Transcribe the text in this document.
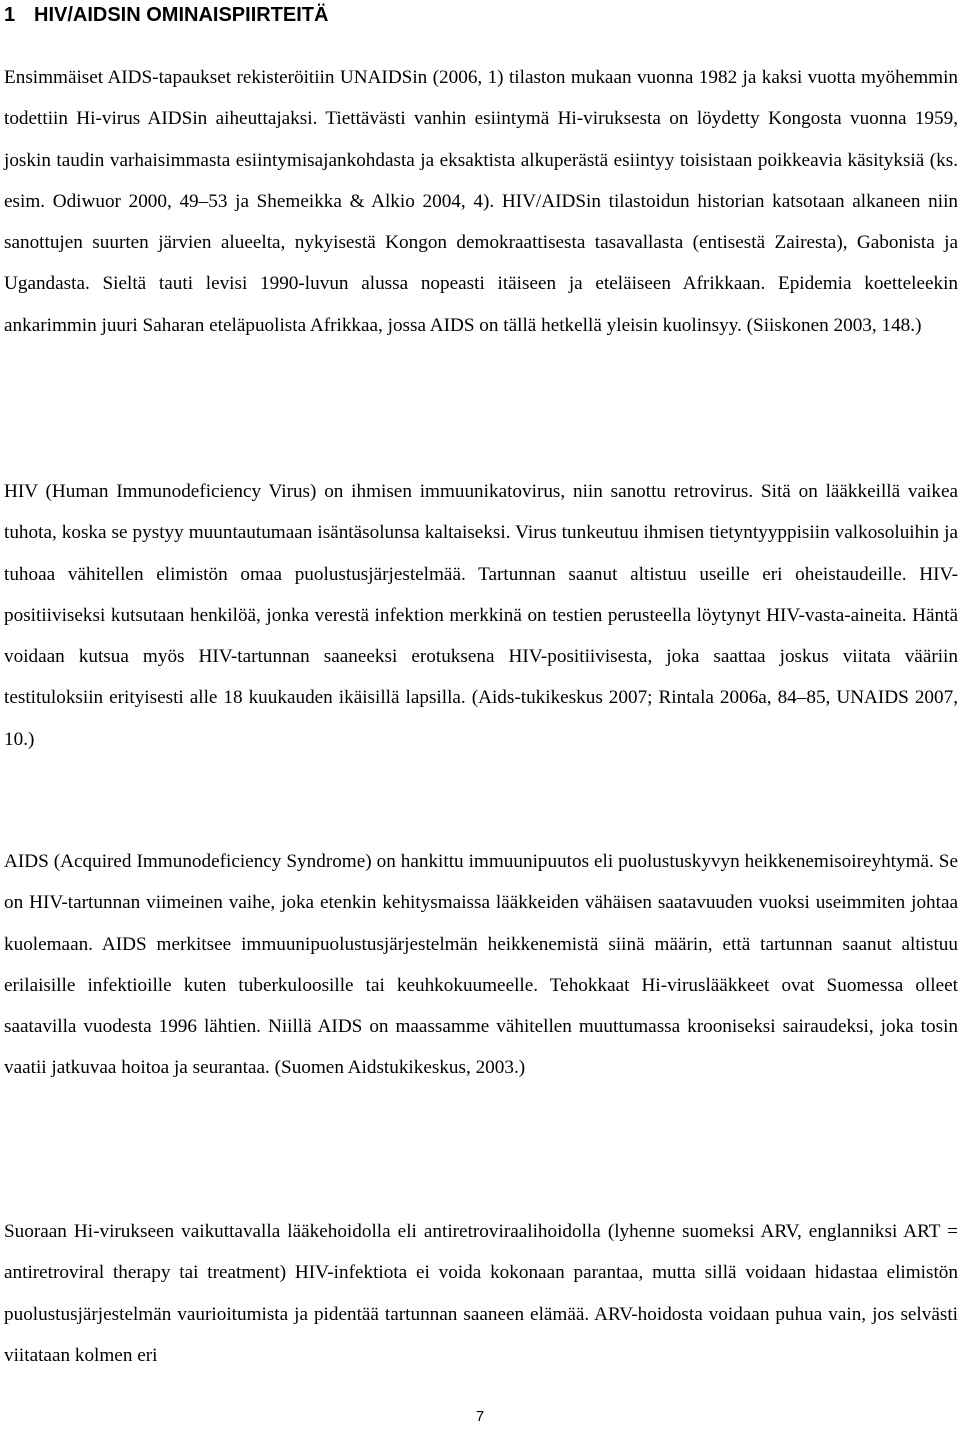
1 HIV/AIDSIN OMINAISPIIRTEITÄ

Ensimmäiset AIDS-tapaukset rekisteröitiin UNAIDSin (2006, 1) tilaston mukaan vuonna 1982 ja kaksi vuotta myöhemmin todettiin Hi-virus AIDSin aiheuttajaksi. Tiettävästi vanhin esiintymä Hi-viruksesta on löydetty Kongosta vuonna 1959, joskin taudin varhaisimmasta esiintymisajankohdasta ja eksaktista alkuperästä esiintyy toisistaan poikkeavia käsityksiä (ks. esim. Odiwuor 2000, 49–53 ja Shemeikka & Alkio 2004, 4). HIV/AIDSin tilastoidun historian katsotaan alkaneen niin sanottujen suurten järvien alueelta, nykyisestä Kongon demokraattisesta tasavallasta (entisestä Zairesta), Gabonista ja Ugandasta. Sieltä tauti levisi 1990-luvun alussa nopeasti itäiseen ja eteläiseen Afrikkaan. Epidemia koetteleekin ankarimmin juuri Saharan eteläpuolista Afrikkaa, jossa AIDS on tällä hetkellä yleisin kuolinsyy. (Siiskonen 2003, 148.)

HIV (Human Immunodeficiency Virus) on ihmisen immuunikatovirus, niin sanottu retrovirus. Sitä on lääkkeillä vaikea tuhota, koska se pystyy muuntautumaan isäntäsolunsa kaltaiseksi. Virus tunkeutuu ihmisen tietyntyyppisiin valkosoluihin ja tuhoaa vähitellen elimistön omaa puolustusjärjestelmää. Tartunnan saanut altistuu useille eri oheistaudeille. HIV-positiiviseksi kutsutaan henkilöä, jonka verestä infektion merkkinä on testien perusteella löytynyt HIV-vasta-aineita. Häntä voidaan kutsua myös HIV-tartunnan saaneeksi erotuksena HIV-positiivisesta, joka saattaa joskus viitata vääriin testituloksiin erityisesti alle 18 kuukauden ikäisillä lapsilla. (Aids-tukikeskus 2007; Rintala 2006a, 84–85, UNAIDS 2007, 10.)

AIDS (Acquired Immunodeficiency Syndrome) on hankittu immuunipuutos eli puolustuskyvyn heikkenemisoireyhtymä. Se on HIV-tartunnan viimeinen vaihe, joka etenkin kehitysmaissa lääkkeiden vähäisen saatavuuden vuoksi useimmiten johtaa kuolemaan. AIDS merkitsee immuunipuolustusjärjestelmän heikkenemistä siinä määrin, että tartunnan saanut altistuu erilaisille infektioille kuten tuberkuloosille tai keuhkokuumeelle. Tehokkaat Hi-viruslääkkeet ovat Suomessa olleet saatavilla vuodesta 1996 lähtien. Niillä AIDS on maassamme vähitellen muuttumassa krooniseksi sairaudeksi, joka tosin vaatii jatkuvaa hoitoa ja seurantaa. (Suomen Aidstukikeskus, 2003.)

Suoraan Hi-virukseen vaikuttavalla lääkehoidolla eli antiretroviraalihoidolla (lyhenne suomeksi ARV, englanniksi ART = antiretroviral therapy tai treatment) HIV-infektiota ei voida kokonaan parantaa, mutta sillä voidaan hidastaa elimistön puolustusjärjestelmän vaurioitumista ja pidentää tartunnan saaneen elämää. ARV-hoidosta voidaan puhua vain, jos selvästi viitataan kolmen eri

7
